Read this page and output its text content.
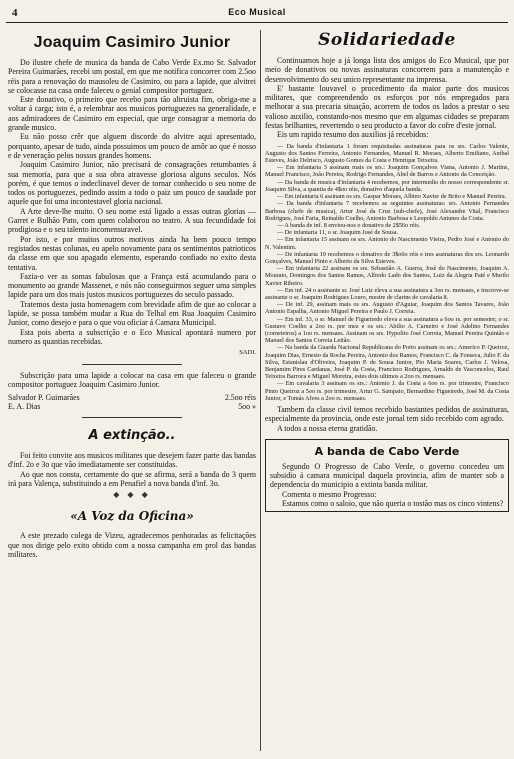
4	Eco Musical
Joaquim Casimiro Junior

Do ilustre chefe de musica da banda de Cabo Verde Ex.mo Sr. Salvador Pereira Guimarães, recebi um postal, em que me notifica concorrer com 2.5oo réis para a renovação do mausoleu de Casimiro, ou para a lapide, que alvitrei se colocasse na casa onde faleceu o genial compositor portuguez.

Este donativo, o primeiro que recebo para tão altruista fim, obriga-me a voltar á carga; isto é, a relembrar aos musicos portuguezes na generalidade, e aos admiradores de Casimiro em especial, que urge consagrar a memoria do grande musico.

Eu não posso crêr que alguem discorde do alvitre aqui apresentado, porquanto, apesar de tudo, ainda possuimos um pouco de amôr ao que é nosso e de veneração pelos nossos grandes homens.

Joaquim Casimiro Junior, não precisará de consagrações retumbantes á sua memoria, para que a sua obra atravesse gloriosa alguns seculos. Nós porém, é que temos o indeclinavel dever de tornar conhecido o seu nome de todos os portuguezes, pedindo assim a todo o paiz um pouco de saudade por aquele que foi uma incontestavel gloria nacional.

A Arte deve-lhe muito. O seu nome está ligado a essas outras glorias — Garret e Bulhão Pato, com quem colaborou no teatro. A sua fecundidade foi prodigiosa e o seu talento incomensuravel.

Por isto, e por muitos outros motivos ainda ha bem pouco tempo registados nestas colunas, eu apelo novamente para os sentimentos patrioticos da classe em que sou apagado elemento, esperando confiado no exito desta tentativa.

Fazia-o ver as somas fabulosas que a França está acumulando para o monumento ao grande Massenet, e nós não conseguirmos seguer uma simples lapide para um dos mais justos musicos portuguezes do seculo passado.

Tratemos desta justa homenagem com brevidade afim de que ao colocar a lapide, se possa também mudar a Rua do Telhal em Rua Joaquim Casimiro Junior, como desejo e para o que vou oficiar á Camara Municipal.

Esta pois aberta a subscrição e o Eco Musical apontará numero por numero as quantias recebidas.

SADI.

Subscrição para uma lapide a colocar na casa em que faleceu o grande compositor portuguez Joaquim Casimiro Junior.

Salvador P. Guimarães	2.5oo réis
E. A. Dias	5oo »
A extinção..

Foi feito convite aos musicos militares que desejem fazer parte das bandas d'inf. 2o e 3o que vão imediatamente ser constituidas.

Ao que nos consta, certamente do que se afirma, será a banda do 3 quem irá para Valença, substituindo a em Penafiel a nova banda d'inf. 3o.

◆ ◆ ◆
«A Voz da Oficina»

A este prezado colega de Vizeu, agradecemos penhoradas as felicitações que nos dirige pelo exito obtido com a nossa campanha em prol das bandas militares.

Solidariedade

Continuamos hoje a já longa lista dos amigos do Eco Musical, que por meio de donativos ou novas assinaturas concorrem para a manutenção e desenvolvimento do seu unico representante na imprensa.

E' bastante louvavel o procedimento da maior parte dos musicos militares, que compreendendo os esforços por nós empregados para melhorar a sua precaria situação, acorrem de todos os lados a prestar o seu valioso auxilio, constando-nos mesmo que em algumas cidades se preparam festas brilhantes, revertendo o seu producto a favor do cofre d'este jornal.

Eis um rapido resumo dos auxilios já recebidos:

— Da banda d'infantaria 1 foram requisitadas assinaturas para os srs. Carlos Valente, Augusto dos Santos Ferreira, Antonio Fernandes, Manuel R. Moraes, Alberto Emiliano, Aníbal Esteves, João Delrisco, Augusto Gomes da Costa e Henrique Teixeira.

— Em infantaria 3 assinam mais os srs.: Joaquim Gonçalves Viana, Antonio J. Martins, Manuel Francisco, João Pereira, Rodrigo Fernandes, Abel de Barros e Antonio da Conceição.

— Da banda de musica d'infantaria 4 recebemos, por intermedio do nosso correspondente sr. Joaquim Silva, a quantia de 4$oo réis, donativo d'aquela banda.

— Em infantaria 6 assinam os srs. Gaspar Moraes, Albino Xavier de Brito e Manuel Pereira.

— Da banda d'infantaria 7 recebemos as seguintes assinaturas: srs. Antonio Fernandes Barbosa (chefe de musica), Artur José da Cruz (sub-chefe), José Alexandre Vital, Francisco Rodrigues, José Faria, Reinaldo Coelho, Antonio Barbosa e Leopoldo Antunes da Costa.

— A banda de inf. 8 enviou-nos o donativo de 2$56o réis.

— De infantaria 11, o sr. Joaquim José de Sousa.

— Em infantaria 15 assinam os srs. Antonio do Nascimento Vieira, Pedro José e Antonio do N. Valentim.

— De infantaria 19 recebemos o donativo de 3$o6o réis e tres assinaturas dos srs. Leonardo Gonçalves, Manuel Pinto e Alberto da Silva Esteves.

— Em infantaria 22 assinam os srs. Sebastião A. Guerra, José do Nascimento, Joaquim A. Mourato, Domingos dos Santos Ramos, Alfredo Lado dos Santos, Luiz da Alegria Paté e Murilo Xavier Ribeiro.

— Em inf. 24 o assinante sr. José Luiz eleva a sua assinatura a 3oo rs. mensaes, e inscreve-se assinante o sr. Joaquim Rodrigues Louro, mestre de clarins de cavalaria 8.

— De inf. 29, assinam mais os srs. Augusto d'Aguiar, Joaquim dos Santos Tavares, João Antonio Espalha, Antonio Miguel Pereira e Paulo J. Correia.

— Em inf. 33, o sr. Manuel de Figueiredo eleva a sua assinatura a 6oo rs. por semestre; o sr. Gustavo Coelho a 2oo rs. por mez e os srs.: Abilio A. Carneiro e José Adelino Fernandes (corneteiros) a 1oo rs. mensaes. Assinam os srs. Hypolito José Correia, Manuel Pereira Quintão e Manuel dos Santos Correia Leitão.

— Na banda da Guarda Nacional Republicana do Porto assinam os srs.: Americo P. Queiroz, Joaquim Dias, Ernesto da Rocha Pereira, Antonio dos Ramos, Francisco C. da Fonseca, Julio F. da Silva, Estanislau d'Oliveira, Joaquim P. de Sousa Junior, Pio Maria Soares, Carlos J. Velosa, Benjamim Pires Cardanas, José P. da Costa, Francisco Rodrigues, Arnaldo de Vasconcelos, Raul Teixeira Barroca e Miguel Moreira, estes dois ultimos a 2oo rs. mensaes.

— Em cavalaria 3 assinam os srs.: Antonio J. da Costa a 6oo rs. por trimestre, Francisco Pinto Queiroz a 5oo rs. por trimestre, Artur G. Sampaio, Bernardino Figueiredo, José M. da Costa Junior, e Tomás Alves a 2oo rs. mensaes.

Tambem da classe civil temos recebido bastantes pedidos de assinaturas, especialmente da provincia, onde este jornal tem sido recebido com agrado.

A todos a nossa eterna gratidão.

A banda de Cabo Verde

Segundo O Progresso de Cabo Verde, o governo concedeu um subsidio á camara municipal daquela provincia, afim de manter sob a dependencia do municipio a extinta banda militar.

Comenta o mesmo Progresso:

Estamos como o saloio, que não queria o tostão mas os cinco vintens?
